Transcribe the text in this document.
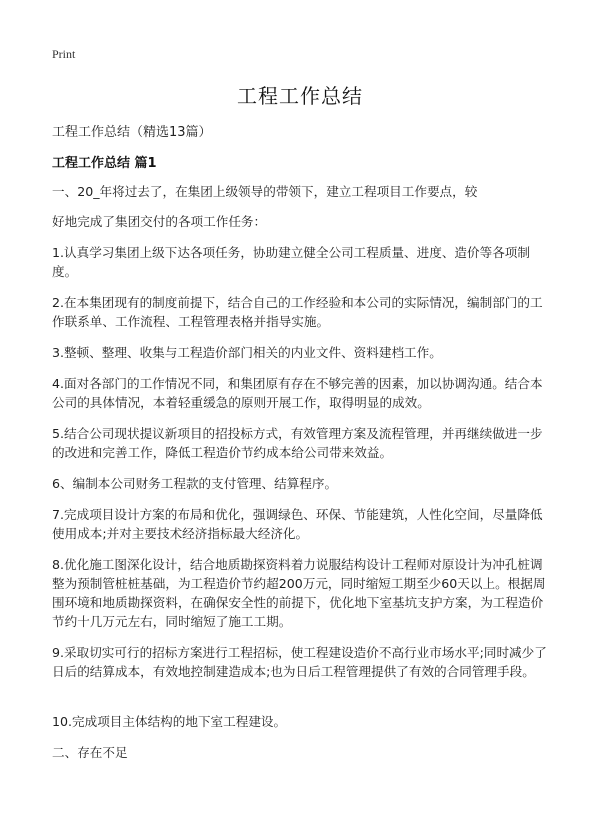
Print
工程工作总结
工程工作总结（精选13篇）
工程工作总结 篇1

一、20_年将过去了，在集团上级领导的带领下，建立工程项目工作要点，较

好地完成了集团交付的各项工作任务：

1.认真学习集团上级下达各项任务，协助建立健全公司工程质量、进度、造价等各项制度。

2.在本集团现有的制度前提下，结合自己的工作经验和本公司的实际情况，编制部门的工作联系单、工作流程、工程管理表格并指导实施。

3.整顿、整理、收集与工程造价部门相关的内业文件、资料建档工作。

4.面对各部门的工作情况不同，和集团原有存在不够完善的因素，加以协调沟通。结合本公司的具体情况，本着轻重缓急的原则开展工作，取得明显的成效。

5.结合公司现状提议新项目的招投标方式，有效管理方案及流程管理，并再继续做进一步的改进和完善工作，降低工程造价节约成本给公司带来效益。

6、编制本公司财务工程款的支付管理、结算程序。

7.完成项目设计方案的布局和优化，强调绿色、环保、节能建筑，人性化空间，尽量降低使用成本;并对主要技术经济指标最大经济化。

8.优化施工图深化设计，结合地质勘探资料着力说服结构设计工程师对原设计为冲孔桩调整为预制管桩桩基础，为工程造价节约超200万元，同时缩短工期至少60天以上。根据周围环境和地质勘探资料，在确保安全性的前提下，优化地下室基坑支护方案，为工程造价节约十几万元左右，同时缩短了施工工期。

9.采取切实可行的招标方案进行工程招标，使工程建设造价不高行业市场水平;同时减少了日后的结算成本，有效地控制建造成本;也为日后工程管理提供了有效的合同管理手段。

10.完成项目主体结构的地下室工程建设。

二、存在不足
